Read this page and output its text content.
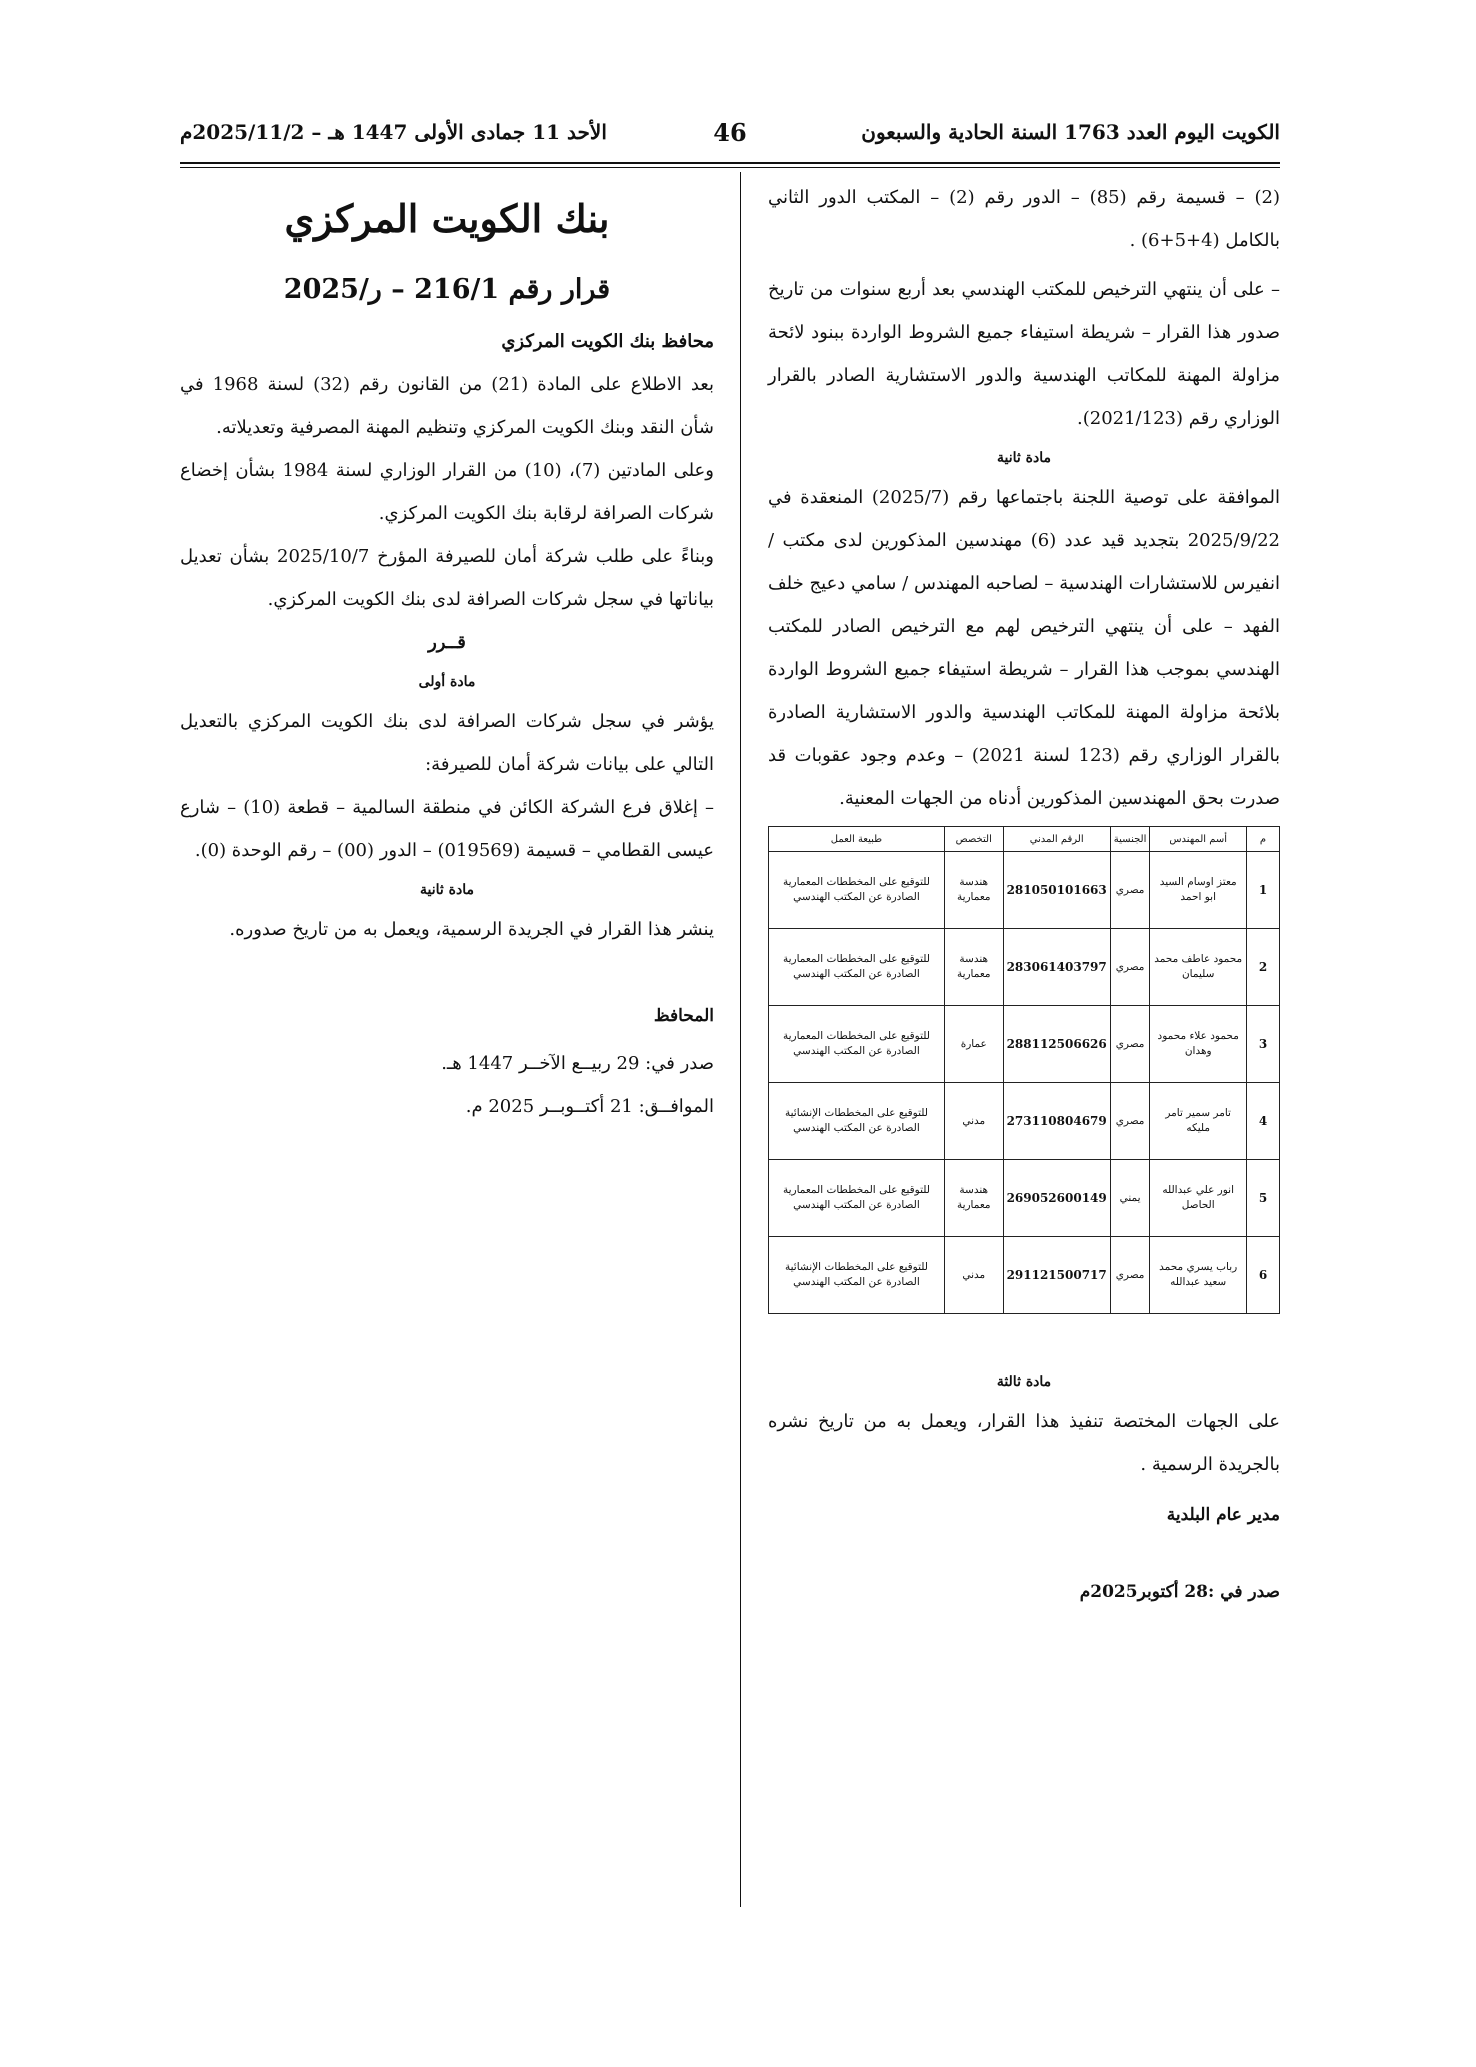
الكويت اليوم العدد 1763 السنة الحادية والسبعون
46
الأحد 11 جمادى الأولى 1447 هـ – 2025/11/2م

(2) – قسيمة رقم (85) – الدور رقم (2) – المكتب الدور الثاني بالكامل (4+5+6) .

– على أن ينتهي الترخيص للمكتب الهندسي بعد أربع سنوات من تاريخ صدور هذا القرار – شريطة استيفاء جميع الشروط الواردة ببنود لائحة مزاولة المهنة للمكاتب الهندسية والدور الاستشارية الصادر بالقرار الوزاري رقم (2021/123).

مادة ثانية

الموافقة على توصية اللجنة باجتماعها رقم (2025/7) المنعقدة في 2025/9/22 بتجديد قيد عدد (6) مهندسين المذكورين لدى مكتب / انفيرس للاستشارات الهندسية – لصاحبه المهندس / سامي دعيج خلف الفهد – على أن ينتهي الترخيص لهم مع الترخيص الصادر للمكتب الهندسي بموجب هذا القرار – شريطة استيفاء جميع الشروط الواردة بلائحة مزاولة المهنة للمكاتب الهندسية والدور الاستشارية الصادرة بالقرار الوزاري رقم (123 لسنة 2021) – وعدم وجود عقوبات قد صدرت بحق المهندسين المذكورين أدناه من الجهات المعنية.

م	أسم المهندس	الجنسية	الرقم المدني	التخصص	طبيعة العمل
1	معتز اوسام السيد ابو احمد	مصري	281050101663	هندسة معمارية	للتوقيع على المخططات المعمارية الصادرة عن المكتب الهندسي
2	محمود عاطف محمد سليمان	مصري	283061403797	هندسة معمارية	للتوقيع على المخططات المعمارية الصادرة عن المكتب الهندسي
3	محمود علاء محمود وهدان	مصري	288112506626	عمارة	للتوقيع على المخططات المعمارية الصادرة عن المكتب الهندسي
4	تامر سمير تامر مليكه	مصري	273110804679	مدني	للتوقيع على المخططات الإنشائية الصادرة عن المكتب الهندسي
5	انور علي عبدالله الحاصل	يمني	269052600149	هندسة معمارية	للتوقيع على المخططات المعمارية الصادرة عن المكتب الهندسي
6	رباب يسري محمد سعيد عبدالله	مصري	291121500717	مدني	للتوقيع على المخططات الإنشائية الصادرة عن المكتب الهندسي
مادة ثالثة

على الجهات المختصة تنفيذ هذا القرار، ويعمل به من تاريخ نشره بالجريدة الرسمية .

مدير عام البلدية

صدر في :28 أكتوبر2025م

بنك الكويت المركزي
قرار رقم 216/1 – ر/2025

محافظ بنك الكويت المركزي

بعد الاطلاع على المادة (21) من القانون رقم (32) لسنة 1968 في شأن النقد وبنك الكويت المركزي وتنظيم المهنة المصرفية وتعديلاته.

وعلى المادتين (7)، (10) من القرار الوزاري لسنة 1984 بشأن إخضاع شركات الصرافة لرقابة بنك الكويت المركزي.

وبناءً على طلب شركة أمان للصيرفة المؤرخ 2025/10/7 بشأن تعديل بياناتها في سجل شركات الصرافة لدى بنك الكويت المركزي.

قــرر
مادة أولى

يؤشر في سجل شركات الصرافة لدى بنك الكويت المركزي بالتعديل التالي على بيانات شركة أمان للصيرفة:

– إغلاق فرع الشركة الكائن في منطقة السالمية – قطعة (10) – شارع عيسى القطامي – قسيمة (019569) – الدور (00) – رقم الوحدة (0).

مادة ثانية

ينشر هذا القرار في الجريدة الرسمية، ويعمل به من تاريخ صدوره.

المحافظ

صدر في: 29 ربيــع الآخــر 1447 هـ.

الموافــق: 21 أكتــوبــر 2025 م.
